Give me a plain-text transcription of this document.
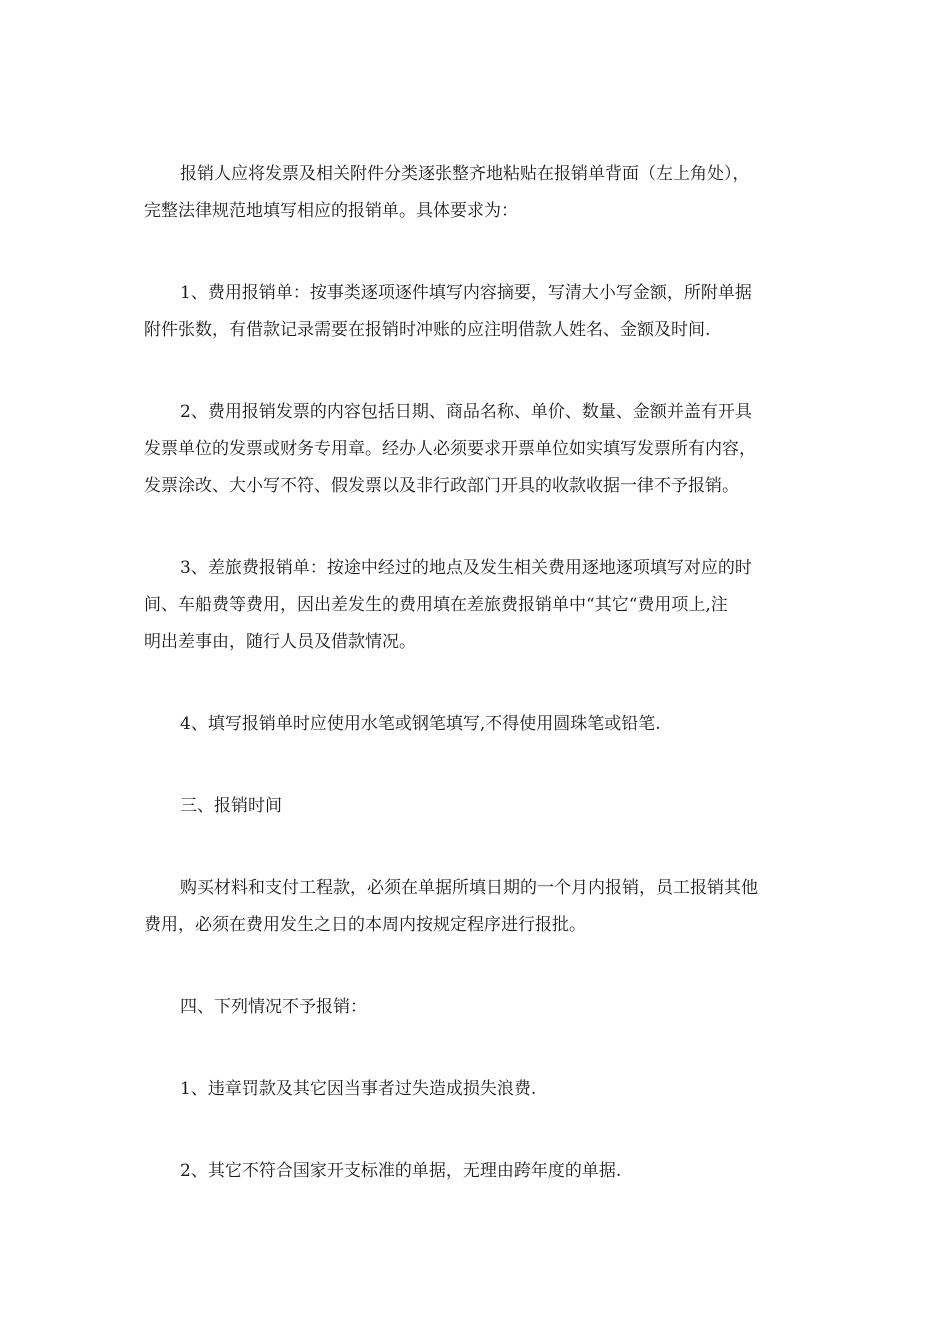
报销人应将发票及相关附件分类逐张整齐地粘贴在报销单背面（左上角处），
完整法律规范地填写相应的报销单。具体要求为：
1、费用报销单：按事类逐项逐件填写内容摘要，写清大小写金额，所附单据
附件张数，有借款记录需要在报销时冲账的应注明借款人姓名、金额及时间.
2、费用报销发票的内容包括日期、商品名称、单价、数量、金额并盖有开具
发票单位的发票或财务专用章。经办人必须要求开票单位如实填写发票所有内容，
发票涂改、大小写不符、假发票以及非行政部门开具的收款收据一律不予报销。
3、差旅费报销单：按途中经过的地点及发生相关费用逐地逐项填写对应的时
间、车船费等费用，因出差发生的费用填在差旅费报销单中“其它“费用项上,注
明出差事由，随行人员及借款情况。
4、填写报销单时应使用水笔或钢笔填写,不得使用圆珠笔或铅笔.
三、报销时间
购买材料和支付工程款，必须在单据所填日期的一个月内报销，员工报销其他
费用，必须在费用发生之日的本周内按规定程序进行报批。
四、下列情况不予报销：
1、违章罚款及其它因当事者过失造成损失浪费.
2、其它不符合国家开支标准的单据，无理由跨年度的单据.
